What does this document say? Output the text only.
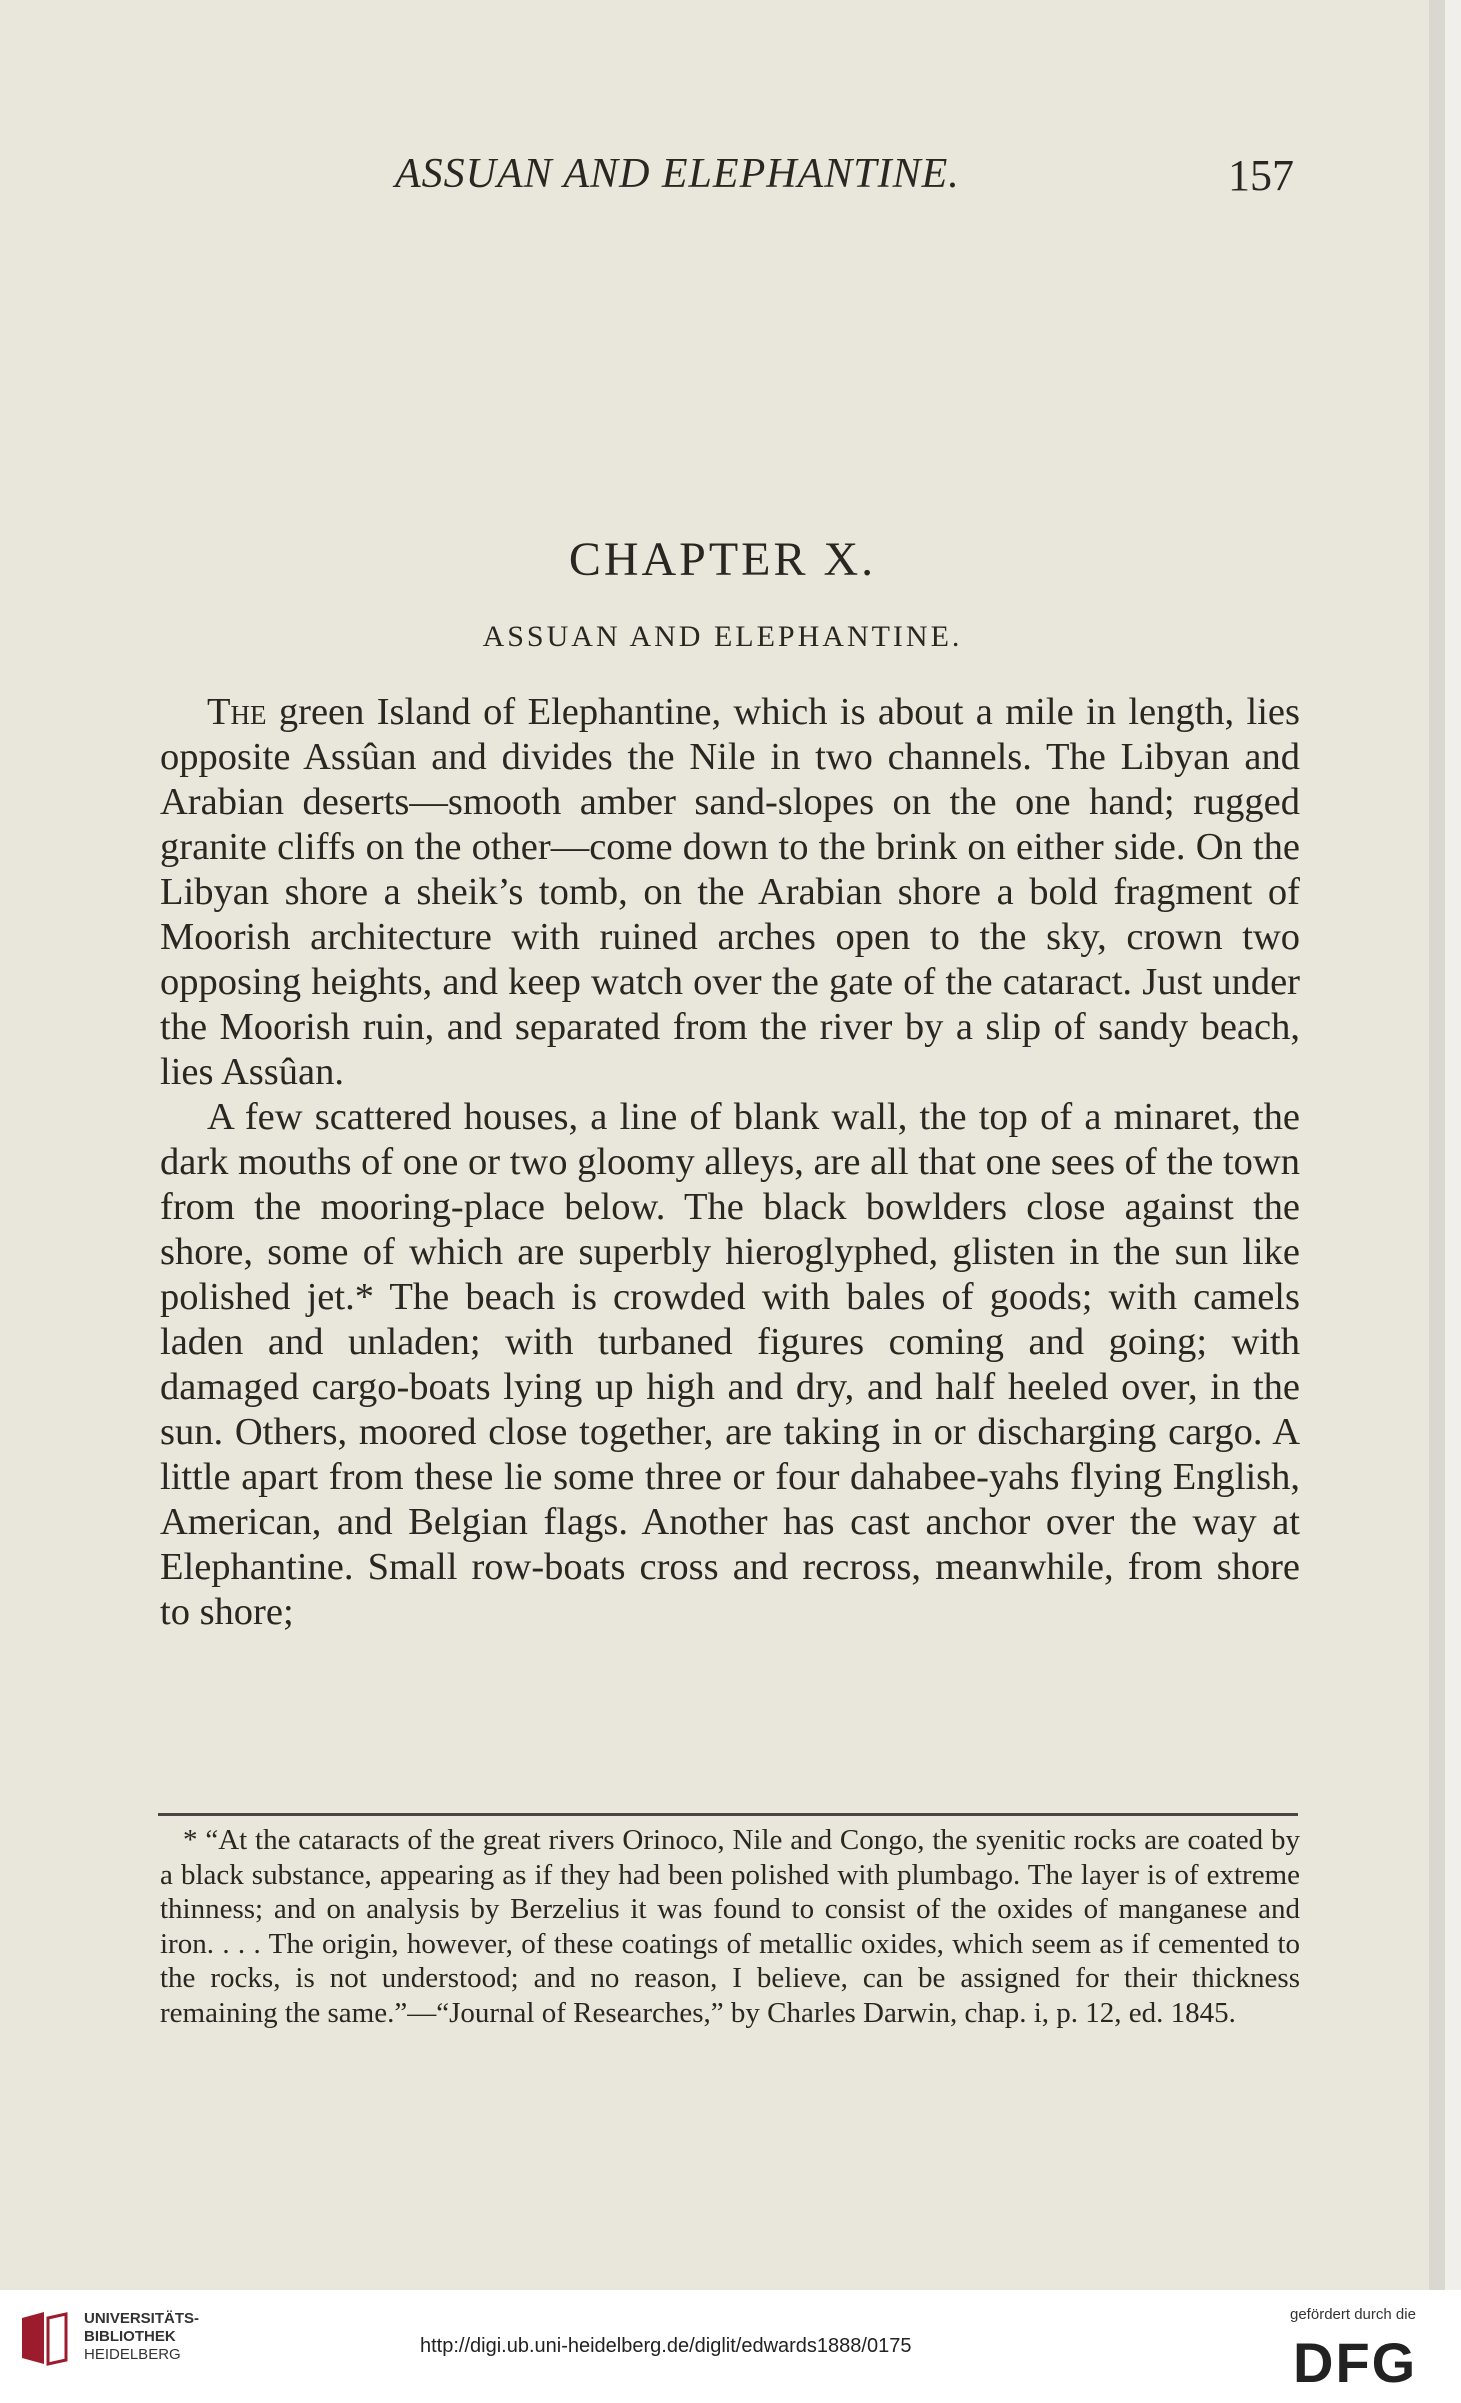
ASSUAN AND ELEPHANTINE.	157
CHAPTER X.
ASSUAN AND ELEPHANTINE.

The green Island of Elephantine, which is about a mile in length, lies opposite Assûan and divides the Nile in two channels. The Libyan and Arabian deserts—smooth amber sand-slopes on the one hand; rugged granite cliffs on the other—come down to the brink on either side. On the Libyan shore a sheik’s tomb, on the Arabian shore a bold fragment of Moorish architecture with ruined arches open to the sky, crown two opposing heights, and keep watch over the gate of the cataract. Just under the Moorish ruin, and separated from the river by a slip of sandy beach, lies Assûan.

A few scattered houses, a line of blank wall, the top of a minaret, the dark mouths of one or two gloomy alleys, are all that one sees of the town from the mooring-place below. The black bowlders close against the shore, some of which are superbly hieroglyphed, glisten in the sun like polished jet.* The beach is crowded with bales of goods; with camels laden and unladen; with turbaned figures coming and going; with damaged cargo-boats lying up high and dry, and half heeled over, in the sun. Others, moored close together, are taking in or discharging cargo. A little apart from these lie some three or four dahabee-yahs flying English, American, and Belgian flags. Another has cast anchor over the way at Elephantine. Small row-boats cross and recross, meanwhile, from shore to shore;

* “At the cataracts of the great rivers Orinoco, Nile and Congo, the syenitic rocks are coated by a black substance, appearing as if they had been polished with plumbago. The layer is of extreme thinness; and on analysis by Berzelius it was found to consist of the oxides of manganese and iron. . . . The origin, however, of these coatings of metallic oxides, which seem as if cemented to the rocks, is not understood; and no reason, I believe, can be assigned for their thickness remaining the same.”—“Journal of Researches,” by Charles Darwin, chap. i, p. 12, ed. 1845.

UNIVERSITÄTS-
BIBLIOTHEK
HEIDELBERG	http://digi.ub.uni-heidelberg.de/diglit/edwards1888/0175
gefördert durch die
DFG
